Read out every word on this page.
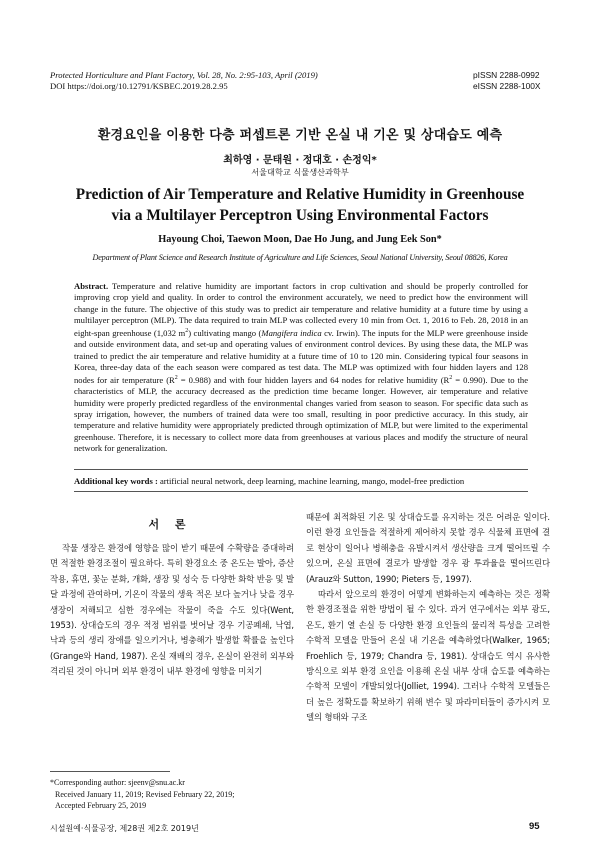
Protected Horticulture and Plant Factory, Vol. 28, No. 2:95-103, April (2019)
DOI https://doi.org/10.12791/KSBEC.2019.28.2.95
pISSN 2288-0992
eISSN 2288-100X
환경요인을 이용한 다층 퍼셉트론 기반 온실 내 기온 및 상대습도 예측
최하영 · 문태원 · 정대호 · 손정익*
서울대학교 식물생산과학부
Prediction of Air Temperature and Relative Humidity in Greenhouse
via a Multilayer Perceptron Using Environmental Factors
Hayoung Choi, Taewon Moon, Dae Ho Jung, and Jung Eek Son*
Department of Plant Science and Research Institute of Agriculture and Life Sciences, Seoul National University, Seoul 08826, Korea
Abstract. Temperature and relative humidity are important factors in crop cultivation and should be properly controlled for improving crop yield and quality. In order to control the environment accurately, we need to predict how the environment will change in the future. The objective of this study was to predict air temperature and relative humidity at a future time by using a multilayer perceptron (MLP). The data required to train MLP was collected every 10 min from Oct. 1, 2016 to Feb. 28, 2018 in an eight-span greenhouse (1,032 $m^2$) cultivating mango (Mangifera indica cv. Irwin). The inputs for the MLP were greenhouse inside and outside environment data, and set-up and operating values of environment control devices. By using these data, the MLP was trained to predict the air temperature and relative humidity at a future time of 10 to 120 min. Considering typical four seasons in Korea, three-day data of the each season were compared as test data. The MLP was optimized with four hidden layers and 128 nodes for air temperature $(R^2 = 0.988)$ and with four hidden layers and 64 nodes for relative humidity $(R^2 = 0.990)$. Due to the characteristics of MLP, the accuracy decreased as the prediction time became longer. However, air temperature and relative humidity were properly predicted regardless of the environmental changes varied from season to season. For specific data such as spray irrigation, however, the numbers of trained data were too small, resulting in poor predictive accuracy. In this study, air temperature and relative humidity were appropriately predicted through optimization of MLP, but were limited to the experimental greenhouse. Therefore, it is necessary to collect more data from greenhouses at various places and modify the structure of neural network for generalization.
Additional key words : artificial neural network, deep learning, machine learning, mango, model-free prediction
서 론
작물 생장은 환경에 영향을 많이 받기 때문에 수확량을 증대하려면 적절한 환경조절이 필요하다. 특히 환경요소 중 온도는 발아, 증산작용, 휴면, 꽃눈 분화, 개화, 생장 및 성숙 등 다양한 화학 반응 및 발달 과정에 관여하며, 기온이 작물의 생육 적온 보다 높거나 낮을 경우 생장이 저해되고 심한 경우에는 작물이 죽을 수도 있다(Went, 1953). 상대습도의 경우 적정 범위를 벗어날 경우 기공폐쇄, 낙엽, 낙과 등의 생리 장애를 일으키거나, 병충해가 발생할 확률을 높인다(Grange와 Hand, 1987). 온실 재배의 경우, 온실이 완전히 외부와 격리된 것이 아니며 외부 환경이 내부 환경에 영향을 미치기

때문에 최적화된 기온 및 상대습도를 유지하는 것은 어려운 일이다. 이런 환경 요인들을 적절하게 제어하지 못할 경우 식물체 표면에 결로 현상이 일어나 병해충을 유발시켜서 생산량을 크게 떨어뜨릴 수 있으며, 온실 표면에 결로가 발생할 경우 광 투과율을 떨어뜨린다(Arauz와 Sutton, 1990; Pieters 등, 1997).

따라서 앞으로의 환경이 어떻게 변화하는지 예측하는 것은 정확한 환경조절을 위한 방법이 될 수 있다. 과거 연구에서는 외부 광도, 온도, 환기 열 손실 등 다양한 환경 요인들의 물리적 특성을 고려한 수학적 모델을 만들어 온실 내 기온을 예측하였다(Walker, 1965; Froehlich 등, 1979; Chandra 등, 1981). 상대습도 역시 유사한 방식으로 외부 환경 요인을 이용해 온실 내부 상대 습도를 예측하는 수학적 모델이 개발되었다(Jolliet, 1994). 그러나 수학적 모델들은 더 높은 정확도를 확보하기 위해 변수 및 파라미터들이 증가시켜 모델의 형태와 구조

*Corresponding author: sjeenv@snu.ac.kr
Received January 11, 2019; Revised February 22, 2019;
Accepted February 25, 2019
시설원예·식물공장, 제28권 제2호 2019년	95
